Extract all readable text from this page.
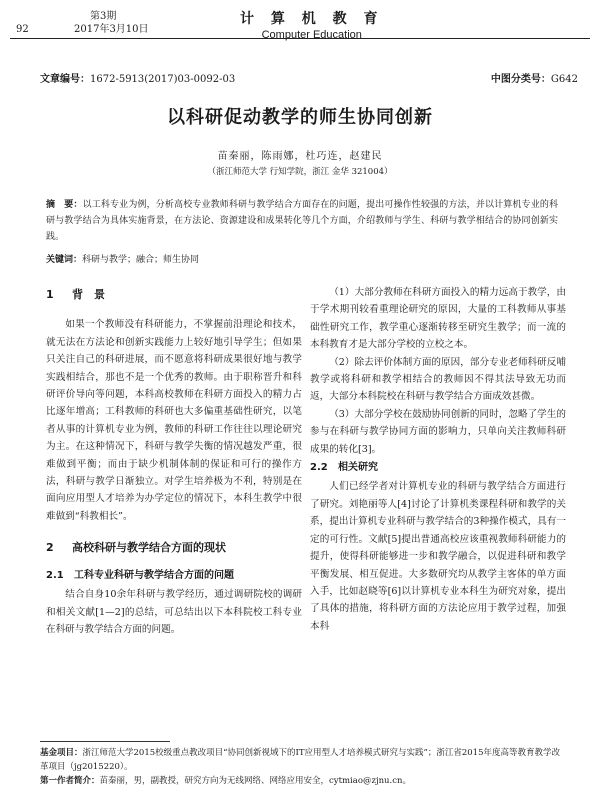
第3期
92	2017年3月10日
计 算 机 教 育
Computer Education
文章编号：1672-5913(2017)03-0092-03	中图分类号：G642
以科研促动教学的师生协同创新
苗秦丽，陈雨娜，杜巧连，赵建民
（浙江师范大学 行知学院，浙江 金华 321004）
摘　要：以工科专业为例，分析高校专业教师科研与教学结合方面存在的问题，提出可操作性较强的方法，并以计算机专业的科研与教学结合为具体实施背景，在方法论、资源建设和成果转化等几个方面，介绍教师与学生、科研与教学相结合的协同创新实践。
关键词：科研与教学；融合；师生协同

1 背　景

如果一个教师没有科研能力，不掌握前沿理论和技术，就无法在方法论和创新实践能力上较好地引导学生；但如果只关注自己的科研进展，而不愿意将科研成果很好地与教学实践相结合，那也不是一个优秀的教师。由于职称晋升和科研评价导向等问题，本科高校教师在科研方面投入的精力占比逐年增高；工科教师的科研也大多偏重基础性研究，以笔者从事的计算机专业为例，教师的科研工作往往以理论研究为主。在这种情况下，科研与教学失衡的情况越发严重，很难做到平衡；而由于缺少机制体制的保证和可行的操作方法，科研与教学日渐独立。对学生培养极为不利，特别是在面向应用型人才培养为办学定位的情况下，本科生教学中很难做到“科教相长”。

2 高校科研与教学结合方面的现状

2.1 工科专业科研与教学结合方面的问题

结合自身10余年科研与教学经历，通过调研院校的调研和相关文献[1—2]的总结，可总结出以下本科院校工科专业在科研与教学结合方面的问题。

（1）大部分教师在科研方面投入的精力远高于教学，由于学术期刊较看重理论研究的原因，大量的工科教师从事基础性研究工作，教学重心逐渐转移至研究生教学；而一流的本科教育才是大部分学校的立校之本。

（2）除去评价体制方面的原因，部分专业老师科研反哺教学或将科研和教学相结合的教师因不得其法导致无功而返，大部分本科院校在科研与教学结合方面成效甚微。

（3）大部分学校在鼓励协同创新的同时，忽略了学生的参与在科研与教学协同方面的影响力，只单向关注教师科研成果的转化[3]。

2.2 相关研究

人们已经学者对计算机专业的科研与教学结合方面进行了研究。刘艳丽等人[4]讨论了计算机类课程科研和教学的关系，提出计算机专业科研与教学结合的3种操作模式，具有一定的可行性。文献[5]提出普通高校应该重视教师科研能力的提升，使得科研能够进一步和教学融合，以促进科研和教学平衡发展、相互促进。大多数研究均从教学主客体的单方面入手，比如赵晓等[6]以计算机专业本科生为研究对象，提出了具体的措施，将科研方面的方法论应用于教学过程，加强本科

基金项目：浙江师范大学2015校级重点教改项目“协同创新视域下的IT应用型人才培养模式研究与实践”；浙江省2015年度高等教育教学改革项目（jg2015220）。
第一作者简介：苗秦丽，男，副教授，研究方向为无线网络、网络应用安全，cytmiao@zjnu.cn。
